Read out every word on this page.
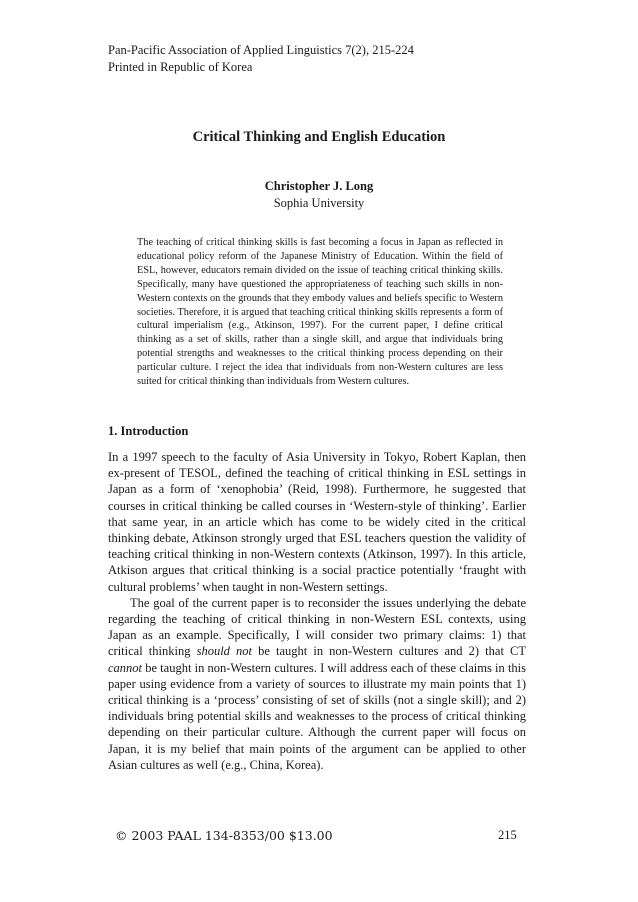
Pan-Pacific Association of Applied Linguistics 7(2), 215-224
Printed in Republic of Korea
Critical Thinking and English Education
Christopher J. Long
Sophia University
The teaching of critical thinking skills is fast becoming a focus in Japan as reflected in educational policy reform of the Japanese Ministry of Education. Within the field of ESL, however, educators remain divided on the issue of teaching critical thinking skills. Specifically, many have questioned the appropriateness of teaching such skills in non-Western contexts on the grounds that they embody values and beliefs specific to Western societies. Therefore, it is argued that teaching critical thinking skills represents a form of cultural imperialism (e.g., Atkinson, 1997). For the current paper, I define critical thinking as a set of skills, rather than a single skill, and argue that individuals bring potential strengths and weaknesses to the critical thinking process depending on their particular culture. I reject the idea that individuals from non-Western cultures are less suited for critical thinking than individuals from Western cultures.
1. Introduction

In a 1997 speech to the faculty of Asia University in Tokyo, Robert Kaplan, then ex-present of TESOL, defined the teaching of critical thinking in ESL settings in Japan as a form of ‘xenophobia’ (Reid, 1998). Furthermore, he suggested that courses in critical thinking be called courses in ‘Western-style of thinking’. Earlier that same year, in an article which has come to be widely cited in the critical thinking debate, Atkinson strongly urged that ESL teachers question the validity of teaching critical thinking in non-Western contexts (Atkinson, 1997). In this article, Atkison argues that critical thinking is a social practice potentially ‘fraught with cultural problems’ when taught in non-Western settings.

The goal of the current paper is to reconsider the issues underlying the debate regarding the teaching of critical thinking in non-Western ESL contexts, using Japan as an example. Specifically, I will consider two primary claims: 1) that critical thinking should not be taught in non-Western cultures and 2) that CT cannot be taught in non-Western cultures. I will address each of these claims in this paper using evidence from a variety of sources to illustrate my main points that 1) critical thinking is a ‘process’ consisting of set of skills (not a single skill); and 2) individuals bring potential skills and weaknesses to the process of critical thinking depending on their particular culture. Although the current paper will focus on Japan, it is my belief that main points of the argument can be applied to other Asian cultures as well (e.g., China, Korea).

© 2003 PAAL 134-8353/00 $13.00	215
